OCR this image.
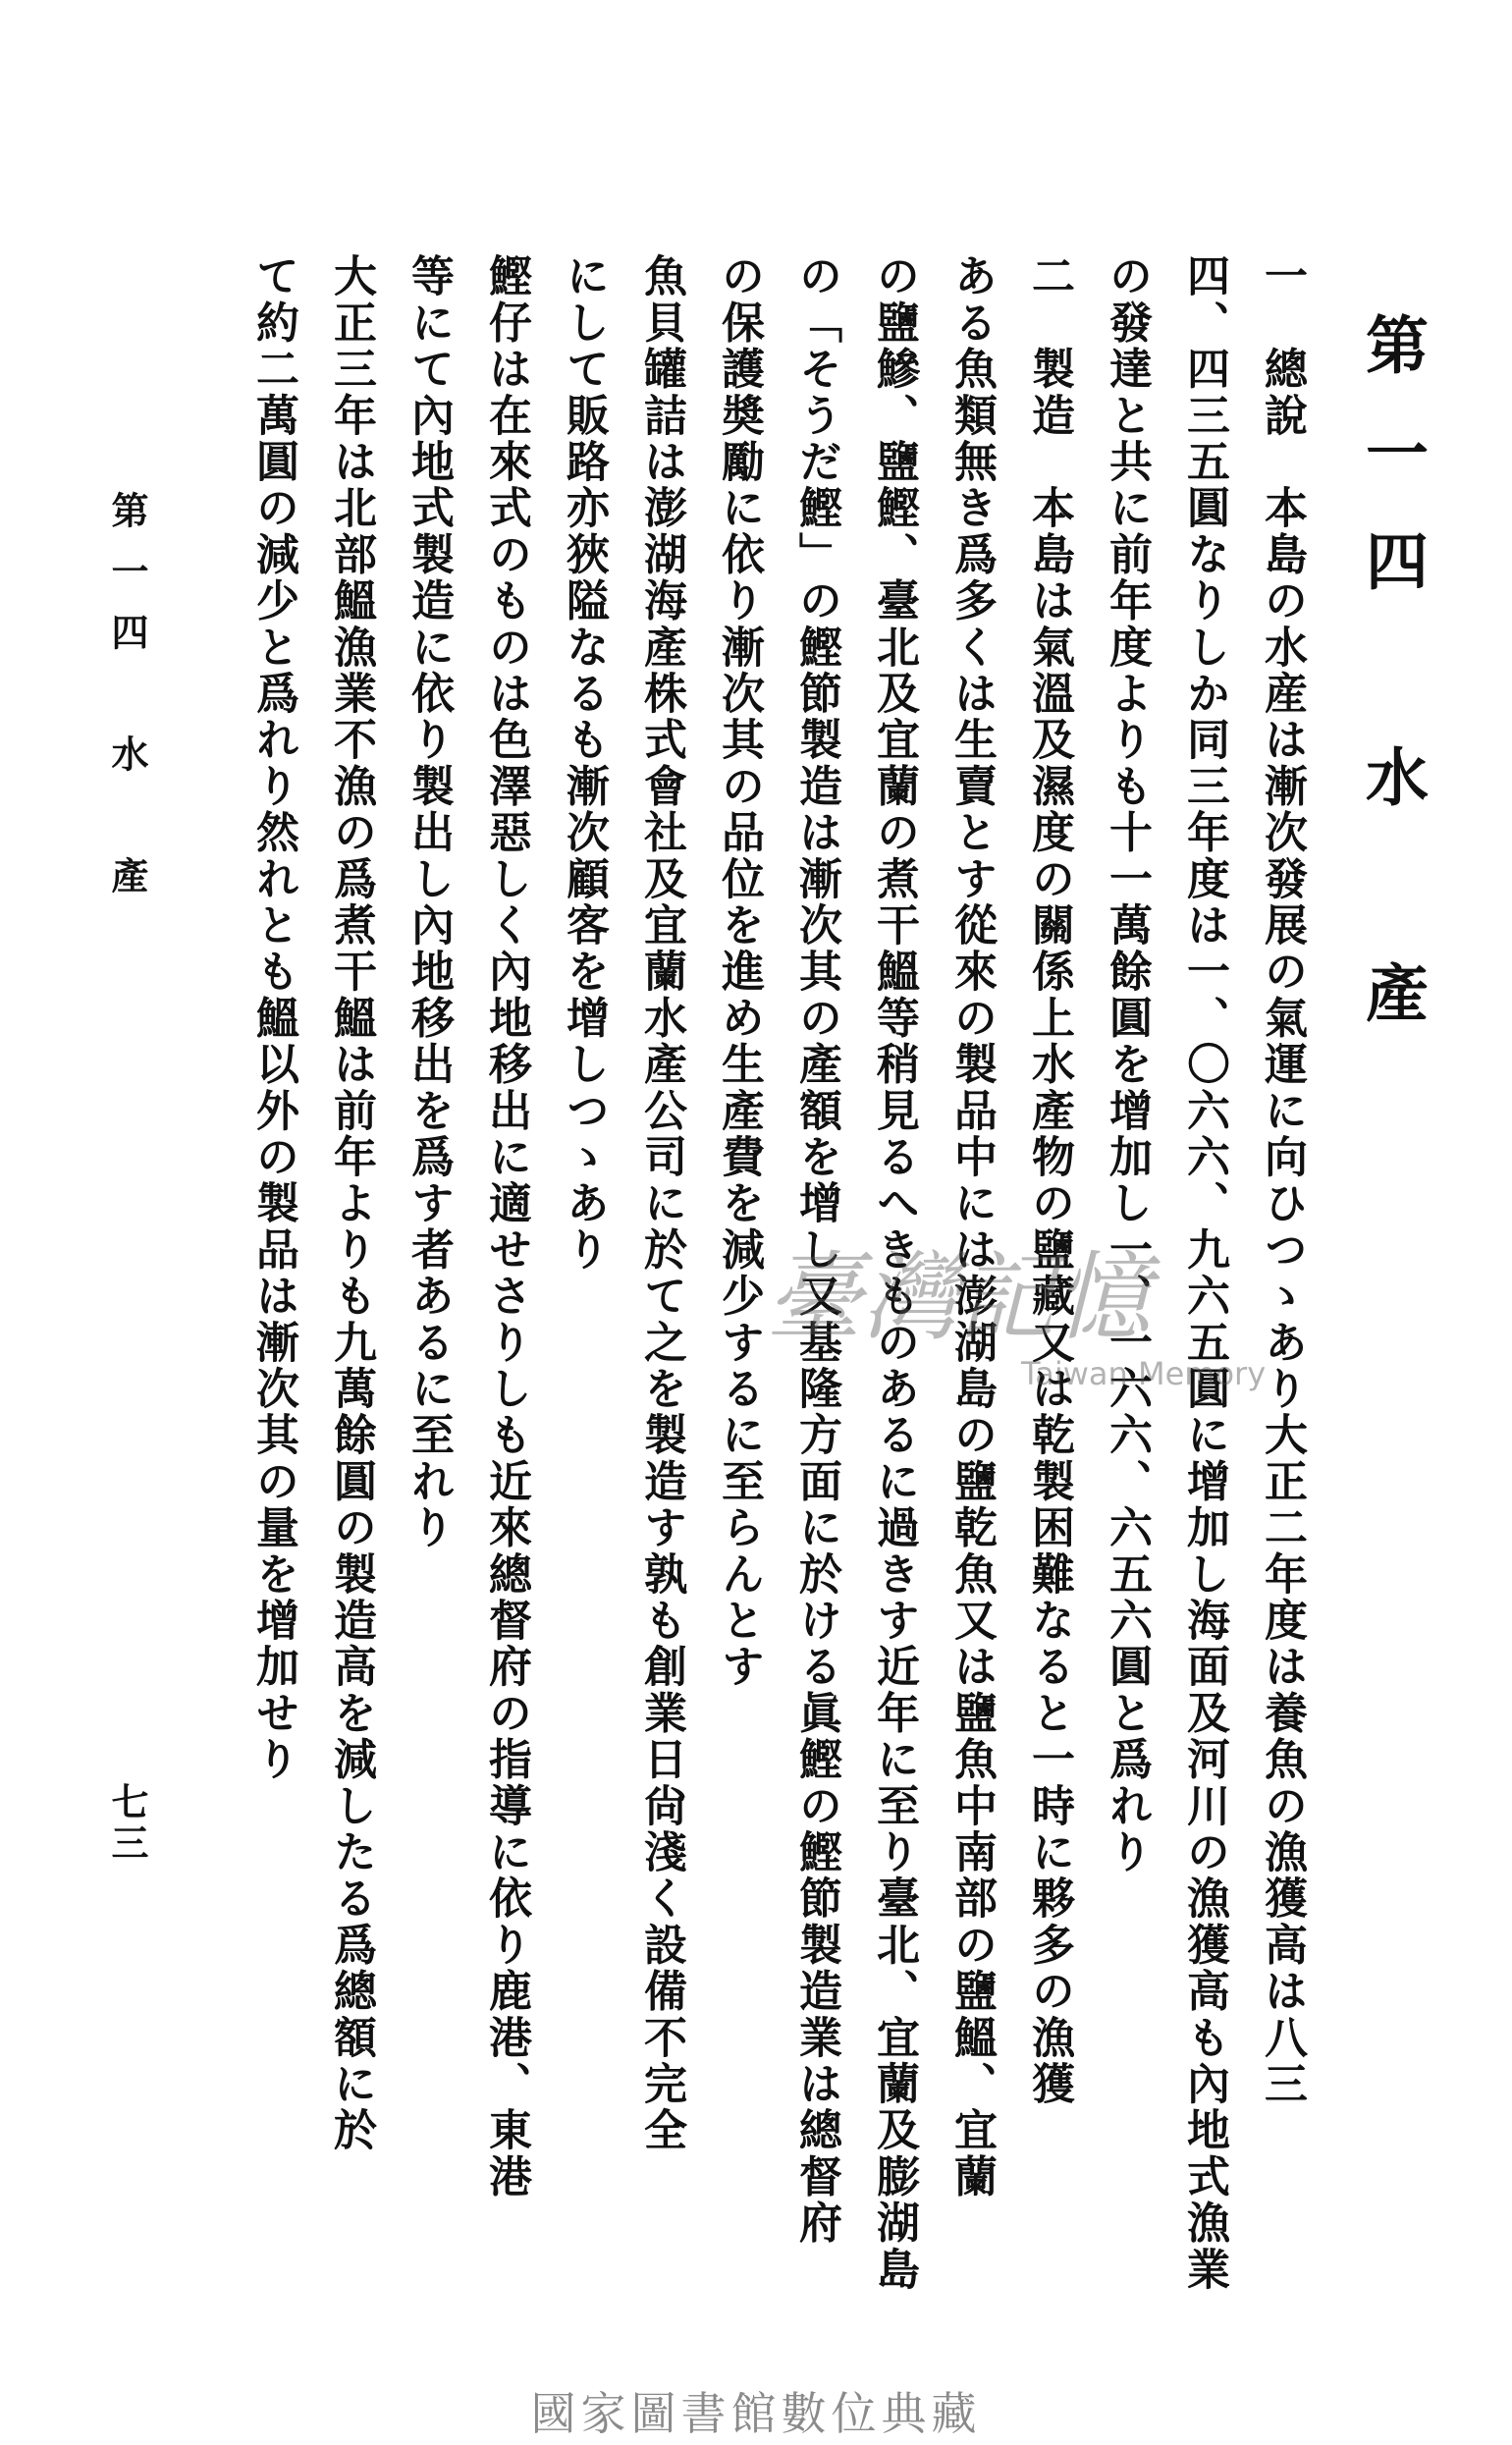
第一四　水　產
一　總說　本島の水産は漸次發展の氣運に向ひつゝあり大正二年度は養魚の漁獲高は八三
四、四三五圓なりしか同三年度は一、〇六六、九六五圓に增加し海面及河川の漁獲高も內地式漁業
の發達と共に前年度よりも十一萬餘圓を增加し一、一六六、六五六圓と爲れり
二　製造　本島は氣溫及濕度の關係上水產物の鹽藏又は乾製困難なると一時に夥多の漁獲
ある魚類無き爲多くは生賣とす從來の製品中には澎湖島の鹽乾魚又は鹽魚中南部の鹽鰮、宜蘭
の鹽鰺、鹽鰹、臺北及宜蘭の煮干鰮等稍見るへきものあるに過きす近年に至り臺北、宜蘭及膨湖島
の「そうだ鰹」の鰹節製造は漸次其の產額を增し又基隆方面に於ける眞鰹の鰹節製造業は總督府
の保護奬勵に依り漸次其の品位を進め生產費を減少するに至らんとす
魚貝罐詰は澎湖海產株式會社及宜蘭水產公司に於て之を製造す孰も創業日尙淺く設備不完全
にして販路亦狹隘なるも漸次顧客を增しつゝあり
鰹仔は在來式のものは色澤惡しく內地移出に適せさりしも近來總督府の指導に依り鹿港、東港
等にて內地式製造に依り製出し內地移出を爲す者あるに至れり
大正三年は北部鰮漁業不漁の爲煮干鰮は前年よりも九萬餘圓の製造高を減したる爲總額に於
て約二萬圓の減少と爲れり然れとも鰮以外の製品は漸次其の量を增加せり
第一四　水　產
七三
臺灣記憶
Taiwan Memory
國家圖書館數位典藏
